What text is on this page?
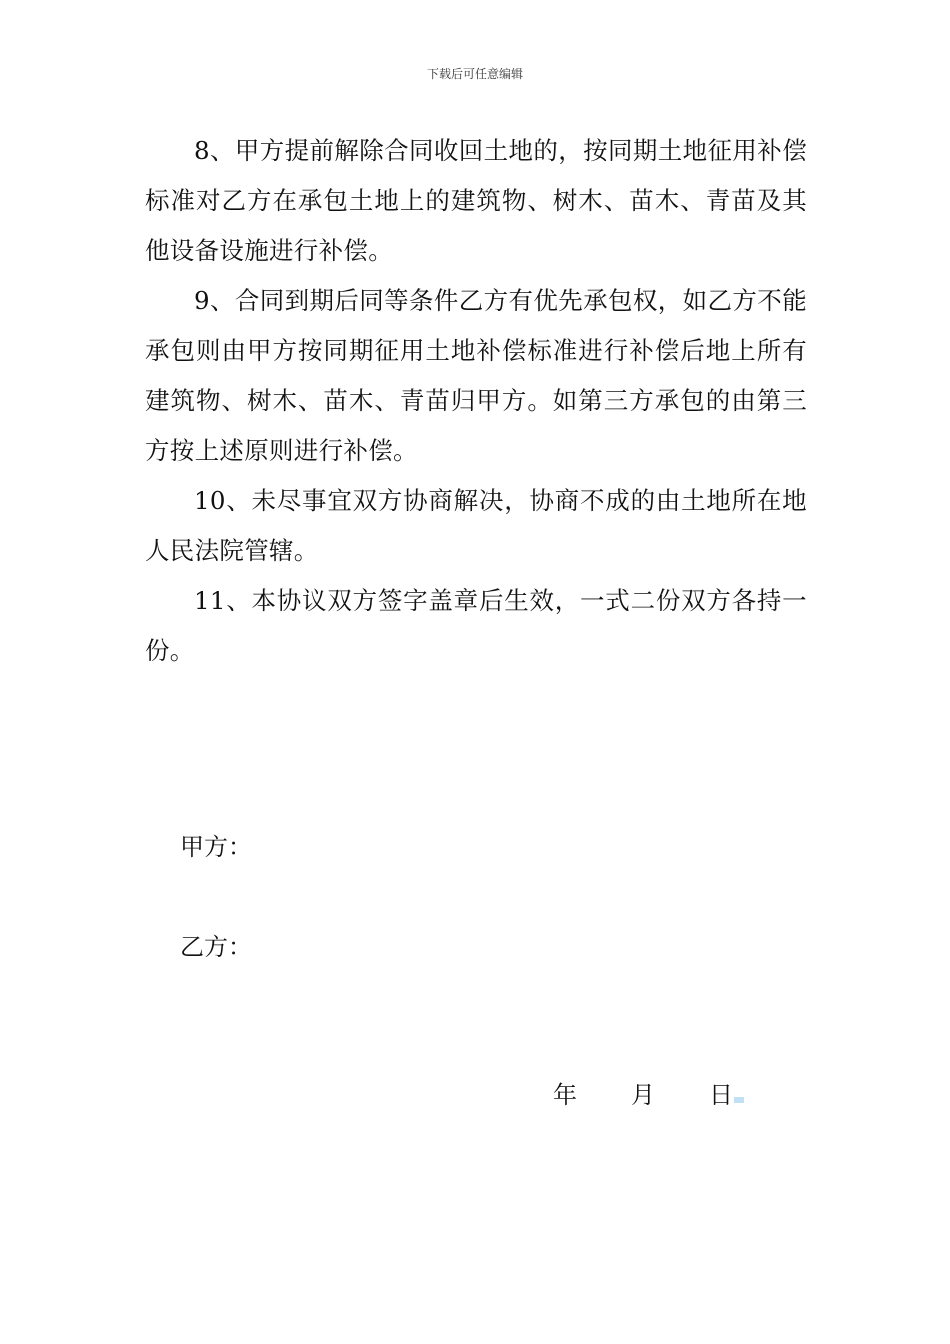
下载后可任意编辑

8、甲方提前解除合同收回土地的，按同期土地征用补偿标准对乙方在承包土地上的建筑物、树木、苗木、青苗及其他设备设施进行补偿。

9、合同到期后同等条件乙方有优先承包权，如乙方不能承包则由甲方按同期征用土地补偿标准进行补偿后地上所有建筑物、树木、苗木、青苗归甲方。如第三方承包的由第三方按上述原则进行补偿。

10、未尽事宜双方协商解决，协商不成的由土地所在地人民法院管辖。

11、本协议双方签字盖章后生效，一式二份双方各持一份。

甲方：
乙方：
年 月 日
